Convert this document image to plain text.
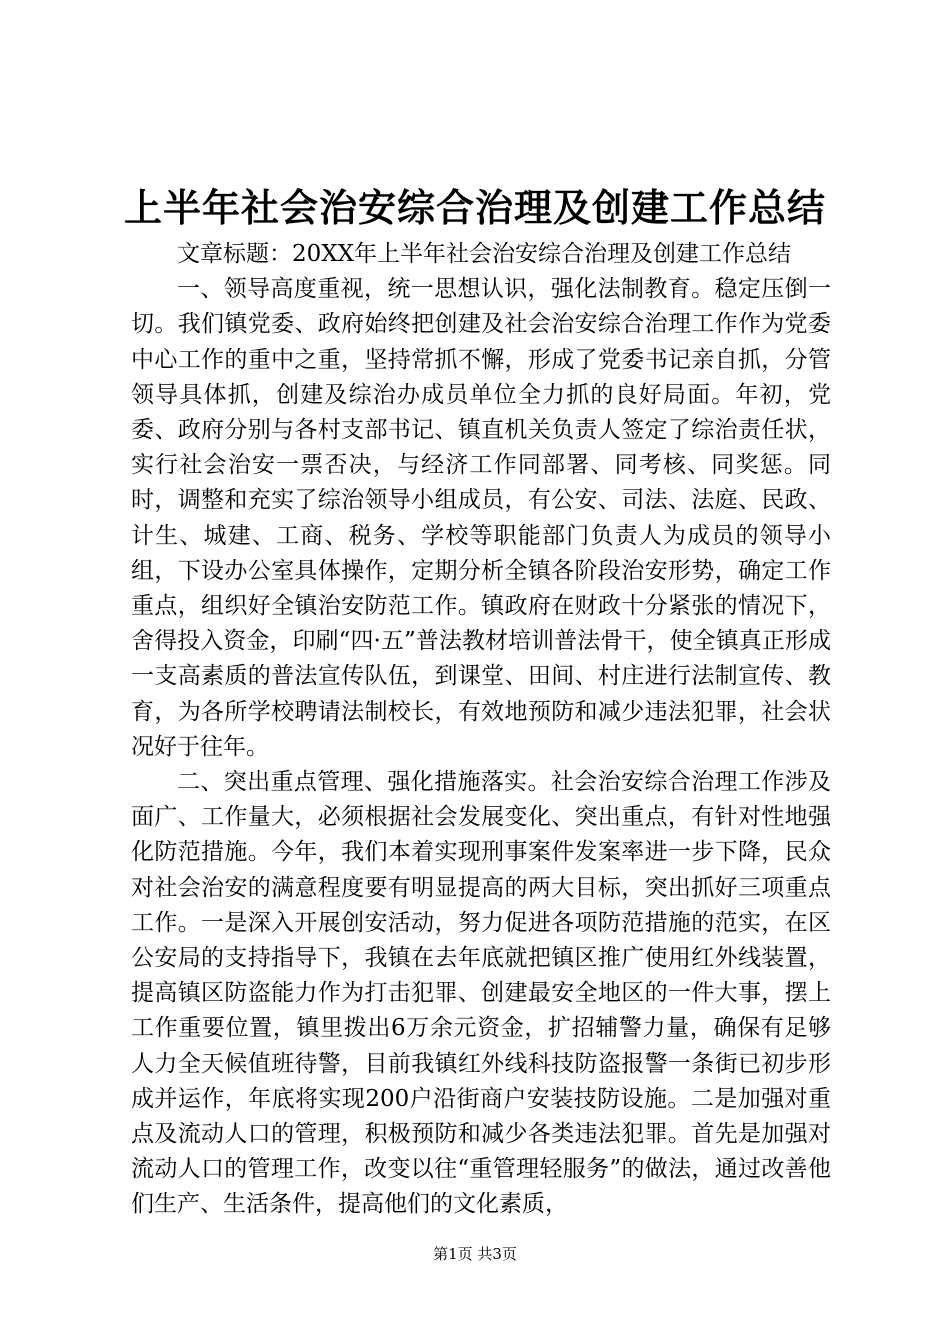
上半年社会治安综合治理及创建工作总结

文章标题：20XX年上半年社会治安综合治理及创建工作总结

一、领导高度重视，统一思想认识，强化法制教育。稳定压倒一切。我们镇党委、政府始终把创建及社会治安综合治理工作作为党委中心工作的重中之重，坚持常抓不懈，形成了党委书记亲自抓，分管领导具体抓，创建及综治办成员单位全力抓的良好局面。年初，党委、政府分别与各村支部书记、镇直机关负责人签定了综治责任状，实行社会治安一票否决，与经济工作同部署、同考核、同奖惩。同时，调整和充实了综治领导小组成员，有公安、司法、法庭、民政、计生、城建、工商、税务、学校等职能部门负责人为成员的领导小组，下设办公室具体操作，定期分析全镇各阶段治安形势，确定工作重点，组织好全镇治安防范工作。镇政府在财政十分紧张的情况下，舍得投入资金，印刷“四·五”普法教材培训普法骨干，使全镇真正形成一支高素质的普法宣传队伍，到课堂、田间、村庄进行法制宣传、教育，为各所学校聘请法制校长，有效地预防和减少违法犯罪，社会状况好于往年。

二、突出重点管理、强化措施落实。社会治安综合治理工作涉及面广、工作量大，必须根据社会发展变化、突出重点，有针对性地强化防范措施。今年，我们本着实现刑事案件发案率进一步下降，民众对社会治安的满意程度要有明显提高的两大目标，突出抓好三项重点工作。一是深入开展创安活动，努力促进各项防范措施的范实，在区公安局的支持指导下，我镇在去年底就把镇区推广使用红外线装置，提高镇区防盗能力作为打击犯罪、创建最安全地区的一件大事，摆上工作重要位置，镇里拨出6万余元资金，扩招辅警力量，确保有足够人力全天候值班待警，目前我镇红外线科技防盗报警一条街已初步形成并运作，年底将实现200户沿街商户安装技防设施。二是加强对重点及流动人口的管理，积极预防和减少各类违法犯罪。首先是加强对流动人口的管理工作，改变以往“重管理轻服务”的做法，通过改善他们生产、生活条件，提高他们的文化素质，

第1页 共3页
